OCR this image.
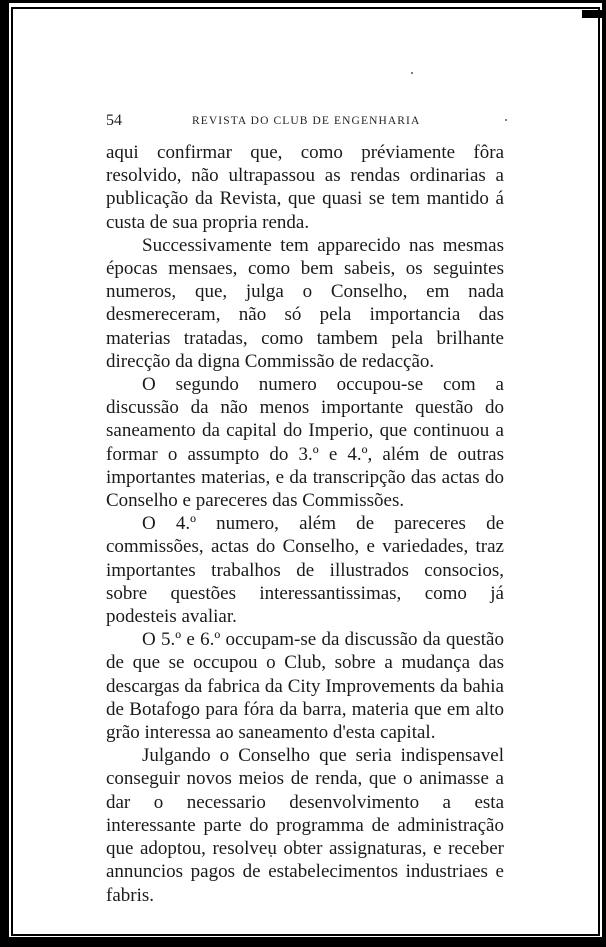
54	REVISTA DO CLUB DE ENGENHARIA

aqui confirmar que, como préviamente fôra resolvido, não ultrapassou as rendas ordinarias a publicação da Revista, que quasi se tem mantido á custa de sua propria renda.

Successivamente tem apparecido nas mesmas épocas mensaes, como bem sabeis, os seguintes numeros, que, julga o Conselho, em nada desmereceram, não só pela importancia das materias tratadas, como tambem pela brilhante direcção da digna Commissão de redacção.

O segundo numero occupou-se com a discussão da não menos importante questão do saneamento da capital do Imperio, que continuou a formar o assumpto do 3.º e 4.º, além de outras importantes materias, e da transcripção das actas do Conselho e pareceres das Commissões.

O 4.º numero, além de pareceres de commissões, actas do Conselho, e variedades, traz importantes trabalhos de illustrados consocios, sobre questões interessantissimas, como já podesteis avaliar.

O 5.º e 6.º occupam-se da discussão da questão de que se occupou o Club, sobre a mudança das descargas da fabrica da City Improvements da bahia de Botafogo para fóra da barra, materia que em alto grão interessa ao saneamento d'esta capital.

Julgando o Conselho que seria indispensavel conseguir novos meios de renda, que o animasse a dar o necessario desenvolvimento a esta interessante parte do programma de administração que adoptou, resolveu obter assignaturas, e receber annuncios pagos de estabelecimentos industriaes e fabris.
